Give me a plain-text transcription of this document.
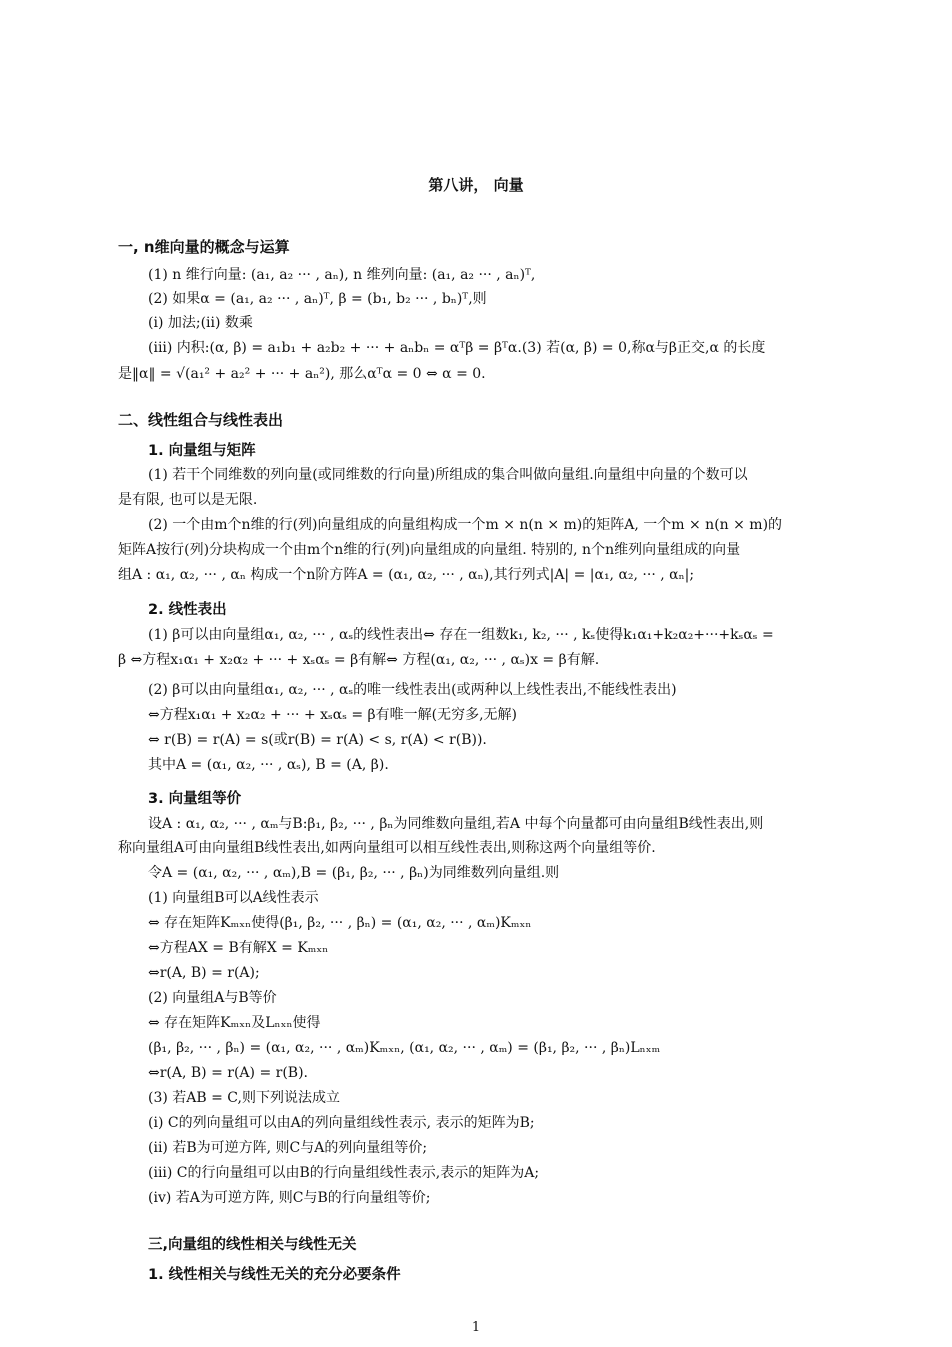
第八讲， 向量
一, n维向量的概念与运算
(1) n 维行向量: (a₁, a₂ ··· , aₙ), n 维列向量: (a₁, a₂ ··· , aₙ)ᵀ,
(2) 如果α = (a₁, a₂ ··· , aₙ)ᵀ, β = (b₁, b₂ ··· , bₙ)ᵀ,则
(i) 加法;(ii) 数乘
(iii) 内积:(α, β) = a₁b₁ + a₂b₂ + ··· + aₙbₙ = αᵀβ = βᵀα.(3) 若(α, β) = 0,称α与β正交,α 的长度
是‖α‖ = √(a₁² + a₂² + ··· + aₙ²), 那么αᵀα = 0 ⇔ α = 0.
二、线性组合与线性表出
1. 向量组与矩阵
(1) 若干个同维数的列向量(或同维数的行向量)所组成的集合叫做向量组.向量组中向量的个数可以
是有限, 也可以是无限.
(2) 一个由m个n维的行(列)向量组成的向量组构成一个m × n(n × m)的矩阵A, 一个m × n(n × m)的
矩阵A按行(列)分块构成一个由m个n维的行(列)向量组成的向量组. 特别的, n个n维列向量组成的向量
组A : α₁, α₂, ··· , αₙ 构成一个n阶方阵A = (α₁, α₂, ··· , αₙ),其行列式|A| = |α₁, α₂, ··· , αₙ|;
2. 线性表出
(1) β可以由向量组α₁, α₂, ··· , αₛ的线性表出⇔ 存在一组数k₁, k₂, ··· , kₛ使得k₁α₁+k₂α₂+···+kₛαₛ =
β ⇔方程x₁α₁ + x₂α₂ + ··· + xₛαₛ = β有解⇔ 方程(α₁, α₂, ··· , αₛ)x = β有解.
(2) β可以由向量组α₁, α₂, ··· , αₛ的唯一线性表出(或两种以上线性表出,不能线性表出)
⇔方程x₁α₁ + x₂α₂ + ··· + xₛαₛ = β有唯一解(无穷多,无解)
⇔ r(B) = r(A) = s(或r(B) = r(A) < s, r(A) < r(B)).
其中A = (α₁, α₂, ··· , αₛ), B = (A, β).
3. 向量组等价
设A : α₁, α₂, ··· , αₘ与B:β₁, β₂, ··· , βₙ为同维数向量组,若A 中每个向量都可由向量组B线性表出,则
称向量组A可由向量组B线性表出,如两向量组可以相互线性表出,则称这两个向量组等价.
令A = (α₁, α₂, ··· , αₘ),B = (β₁, β₂, ··· , βₙ)为同维数列向量组.则
(1) 向量组B可以A线性表示
⇔ 存在矩阵Kₘₓₙ使得(β₁, β₂, ··· , βₙ) = (α₁, α₂, ··· , αₘ)Kₘₓₙ
⇔方程AX = B有解X = Kₘₓₙ
⇔r(A, B) = r(A);
(2) 向量组A与B等价
⇔ 存在矩阵Kₘₓₙ及Lₙₓₙ使得
(β₁, β₂, ··· , βₙ) = (α₁, α₂, ··· , αₘ)Kₘₓₙ, (α₁, α₂, ··· , αₘ) = (β₁, β₂, ··· , βₙ)Lₙₓₘ
⇔r(A, B) = r(A) = r(B).
(3) 若AB = C,则下列说法成立
(i) C的列向量组可以由A的列向量组线性表示, 表示的矩阵为B;
(ii) 若B为可逆方阵, 则C与A的列向量组等价;
(iii) C的行向量组可以由B的行向量组线性表示,表示的矩阵为A;
(iv) 若A为可逆方阵, 则C与B的行向量组等价;
三,向量组的线性相关与线性无关
1. 线性相关与线性无关的充分必要条件
1
